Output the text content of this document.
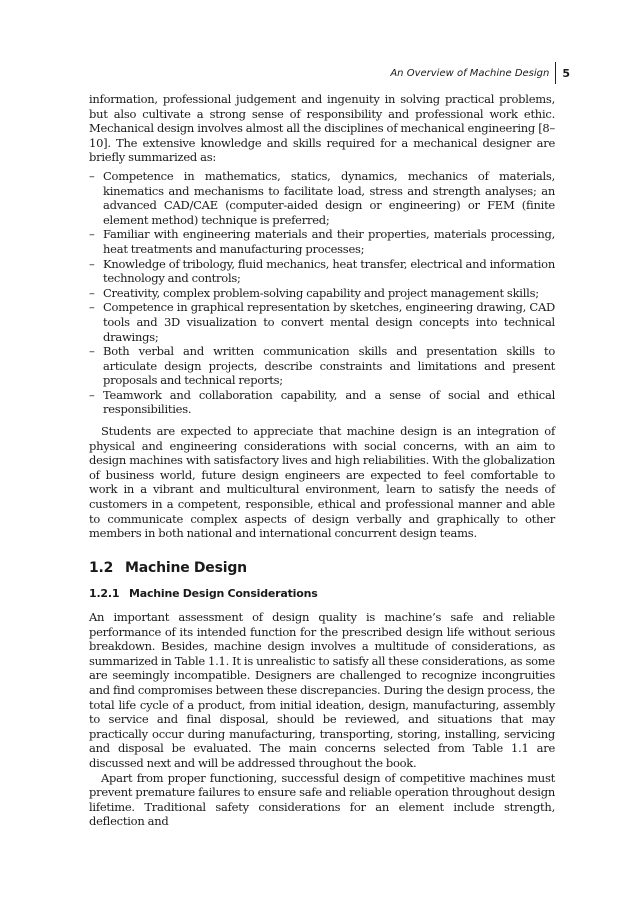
An Overview of Machine Design 5

information, professional judgement and ingenuity in solving practical problems, but also cultivate a strong sense of responsibility and professional work ethic. Mechanical design involves almost all the disciplines of mechanical engineering [8–10]. The extensive knowledge and skills required for a mechanical designer are briefly summarized as:

– Competence in mathematics, statics, dynamics, mechanics of materials, kinematics and mechanisms to facilitate load, stress and strength analyses; an advanced CAD/CAE (computer-aided design or engineering) or FEM (finite element method) technique is preferred;
– Familiar with engineering materials and their properties, materials processing, heat treatments and manufacturing processes;
– Knowledge of tribology, fluid mechanics, heat transfer, electrical and information technology and controls;
– Creativity, complex problem-solving capability and project management skills;
– Competence in graphical representation by sketches, engineering drawing, CAD tools and 3D visualization to convert mental design concepts into technical drawings;
– Both verbal and written communication skills and presentation skills to articulate design projects, describe constraints and limitations and present proposals and technical reports;
– Teamwork and collaboration capability, and a sense of social and ethical responsibilities.

Students are expected to appreciate that machine design is an integration of physical and engineering considerations with social concerns, with an aim to design machines with satisfactory lives and high reliabilities. With the globalization of business world, future design engineers are expected to feel comfortable to work in a vibrant and multicultural environment, learn to satisfy the needs of customers in a competent, responsible, ethical and professional manner and able to communicate complex aspects of design verbally and graphically to other members in both national and international concurrent design teams.

1.2 Machine Design
1.2.1 Machine Design Considerations

An important assessment of design quality is machine’s safe and reliable performance of its intended function for the prescribed design life without serious breakdown. Besides, machine design involves a multitude of considerations, as summarized in Table 1.1. It is unrealistic to satisfy all these considerations, as some are seemingly incompatible. Designers are challenged to recognize incongruities and find compromises between these discrepancies. During the design process, the total life cycle of a product, from initial ideation, design, manufacturing, assembly to service and final disposal, should be reviewed, and situations that may practically occur during manufacturing, transporting, storing, installing, servicing and disposal be evaluated. The main concerns selected from Table 1.1 are discussed next and will be addressed throughout the book.

Apart from proper functioning, successful design of competitive machines must prevent premature failures to ensure safe and reliable operation throughout design lifetime. Traditional safety considerations for an element include strength, deflection and
